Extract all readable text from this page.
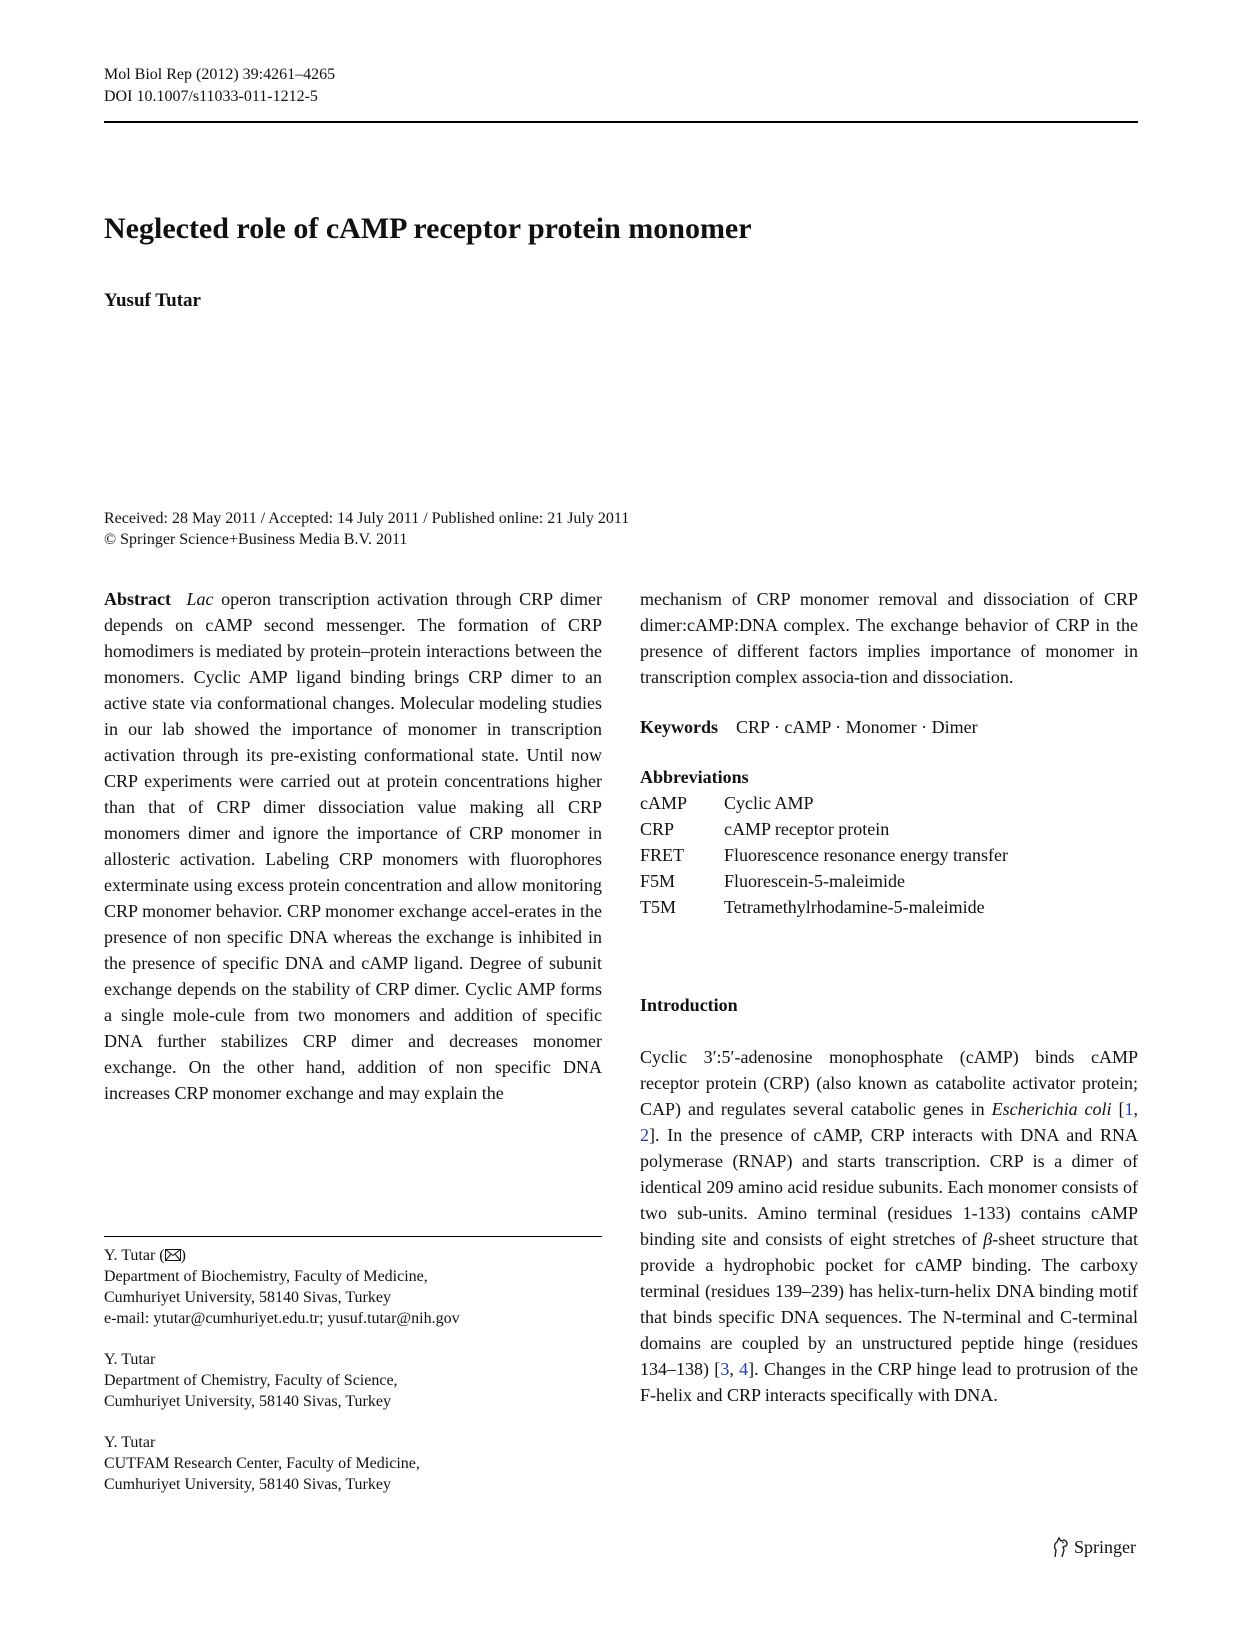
Mol Biol Rep (2012) 39:4261–4265
DOI 10.1007/s11033-011-1212-5
Neglected role of cAMP receptor protein monomer
Yusuf Tutar
Received: 28 May 2011 / Accepted: 14 July 2011 / Published online: 21 July 2011
© Springer Science+Business Media B.V. 2011
Abstract Lac operon transcription activation through CRP dimer depends on cAMP second messenger. The formation of CRP homodimers is mediated by protein–protein interactions between the monomers. Cyclic AMP ligand binding brings CRP dimer to an active state via conformational changes. Molecular modeling studies in our lab showed the importance of monomer in transcription activation through its pre-existing conformational state. Until now CRP experiments were carried out at protein concentrations higher than that of CRP dimer dissociation value making all CRP monomers dimer and ignore the importance of CRP monomer in allosteric activation. Labeling CRP monomers with fluorophores exterminate using excess protein concentration and allow monitoring CRP monomer behavior. CRP monomer exchange accel-erates in the presence of non specific DNA whereas the exchange is inhibited in the presence of specific DNA and cAMP ligand. Degree of subunit exchange depends on the stability of CRP dimer. Cyclic AMP forms a single mole-cule from two monomers and addition of specific DNA further stabilizes CRP dimer and decreases monomer exchange. On the other hand, addition of non specific DNA increases CRP monomer exchange and may explain the
mechanism of CRP monomer removal and dissociation of CRP dimer:cAMP:DNA complex. The exchange behavior of CRP in the presence of different factors implies importance of monomer in transcription complex associa-tion and dissociation.
Keywords CRP · cAMP · Monomer · Dimer
Abbreviations
cAMP	Cyclic AMP
CRP	cAMP receptor protein
FRET	Fluorescence resonance energy transfer
F5M	Fluorescein-5-maleimide
T5M	Tetramethylrhodamine-5-maleimide
Introduction
Cyclic 3′:5′-adenosine monophosphate (cAMP) binds cAMP receptor protein (CRP) (also known as catabolite activator protein; CAP) and regulates several catabolic genes in Escherichia coli [1, 2]. In the presence of cAMP, CRP interacts with DNA and RNA polymerase (RNAP) and starts transcription. CRP is a dimer of identical 209 amino acid residue subunits. Each monomer consists of two sub-units. Amino terminal (residues 1-133) contains cAMP binding site and consists of eight stretches of β-sheet structure that provide a hydrophobic pocket for cAMP binding. The carboxy terminal (residues 139–239) has helix-turn-helix DNA binding motif that binds specific DNA sequences. The N-terminal and C-terminal domains are coupled by an unstructured peptide hinge (residues 134–138) [3, 4]. Changes in the CRP hinge lead to protrusion of the F-helix and CRP interacts specifically with DNA.
Y. Tutar ( )
Department of Biochemistry, Faculty of Medicine,
Cumhuriyet University, 58140 Sivas, Turkey
e-mail: ytutar@cumhuriyet.edu.tr; yusuf.tutar@nih.gov
Y. Tutar
Department of Chemistry, Faculty of Science,
Cumhuriyet University, 58140 Sivas, Turkey
Y. Tutar
CUTFAM Research Center, Faculty of Medicine,
Cumhuriyet University, 58140 Sivas, Turkey
Springer
